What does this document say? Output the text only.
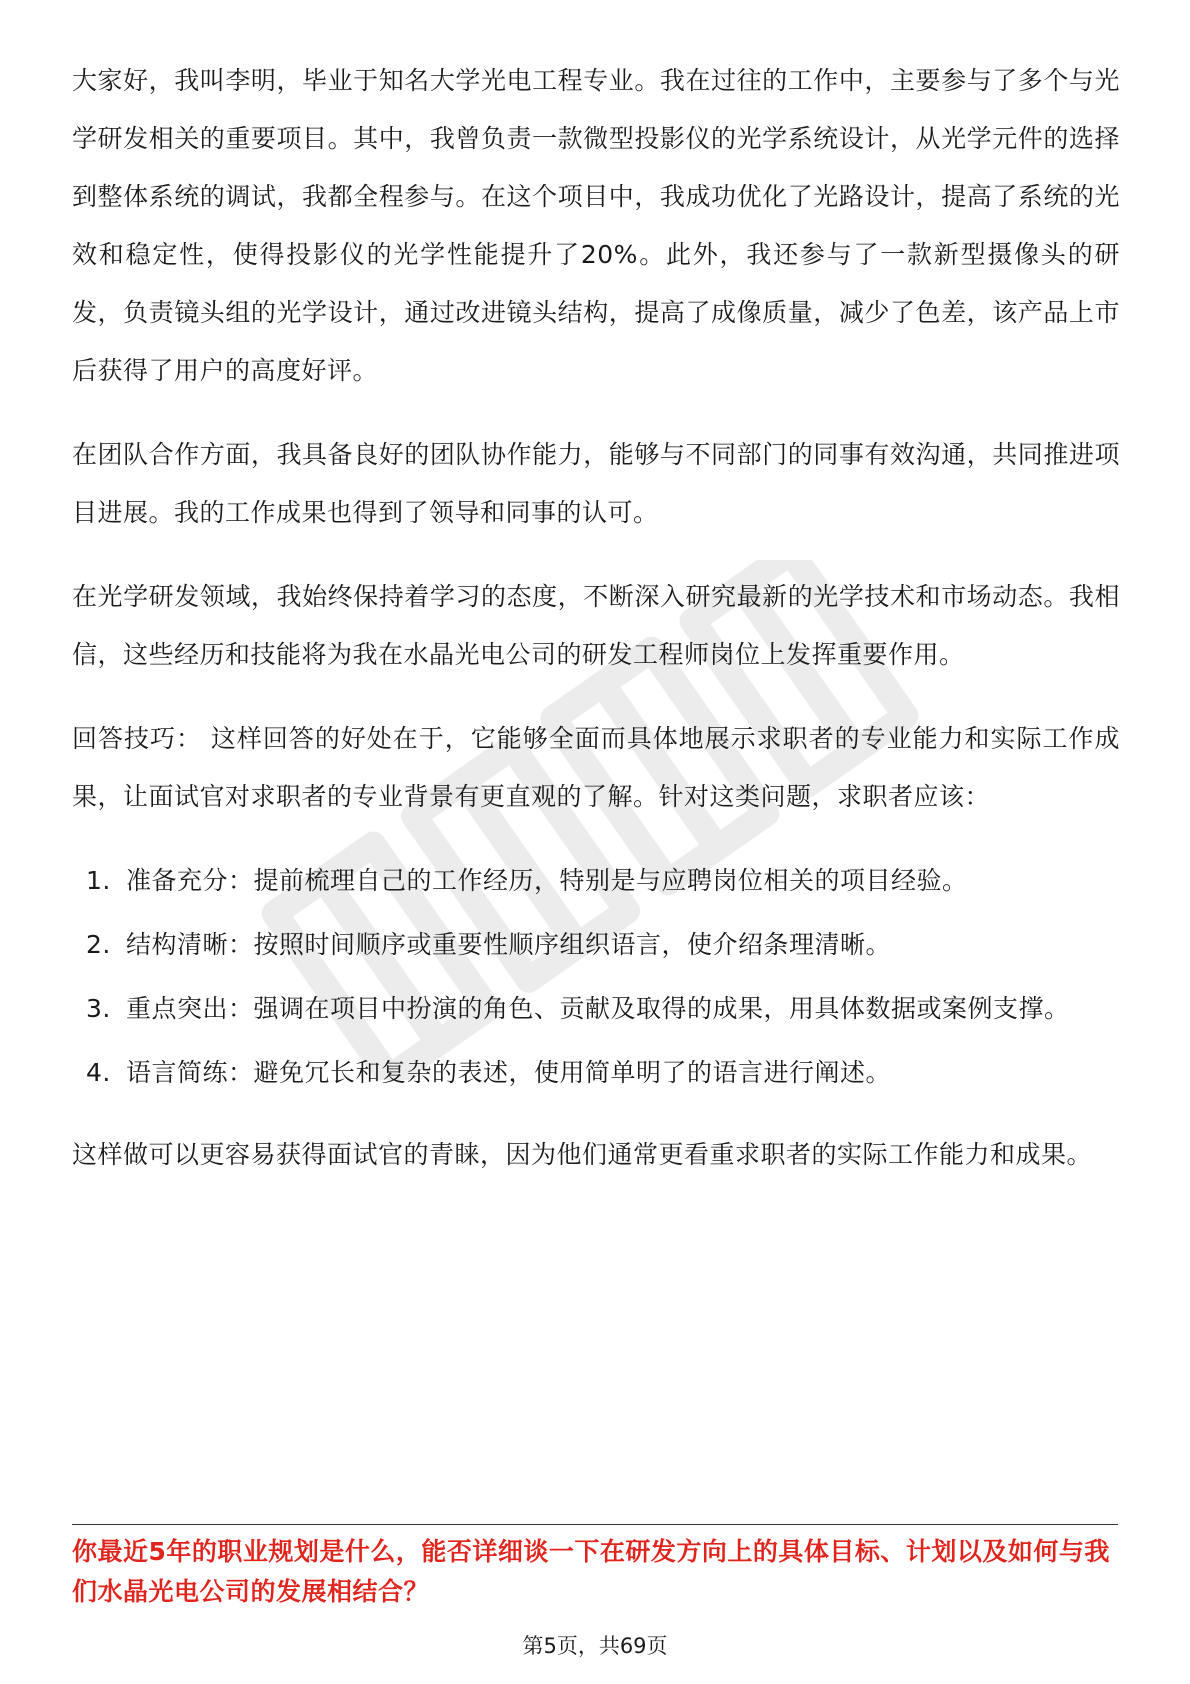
大家好，我叫李明，毕业于知名大学光电工程专业。我在过往的工作中，主要参与了多个与光学研发相关的重要项目。其中，我曾负责一款微型投影仪的光学系统设计，从光学元件的选择到整体系统的调试，我都全程参与。在这个项目中，我成功优化了光路设计，提高了系统的光效和稳定性，使得投影仪的光学性能提升了20%。此外，我还参与了一款新型摄像头的研发，负责镜头组的光学设计，通过改进镜头结构，提高了成像质量，减少了色差，该产品上市后获得了用户的高度好评。

在团队合作方面，我具备良好的团队协作能力，能够与不同部门的同事有效沟通，共同推进项目进展。我的工作成果也得到了领导和同事的认可。

在光学研发领域，我始终保持着学习的态度，不断深入研究最新的光学技术和市场动态。我相信，这些经历和技能将为我在水晶光电公司的研发工程师岗位上发挥重要作用。

回答技巧： 这样回答的好处在于，它能够全面而具体地展示求职者的专业能力和实际工作成果，让面试官对求职者的专业背景有更直观的了解。针对这类问题，求职者应该：

1. 准备充分：提前梳理自己的工作经历，特别是与应聘岗位相关的项目经验。
2. 结构清晰：按照时间顺序或重要性顺序组织语言，使介绍条理清晰。
3. 重点突出：强调在项目中扮演的角色、贡献及取得的成果，用具体数据或案例支撑。
4. 语言简练：避免冗长和复杂的表述，使用简单明了的语言进行阐述。

这样做可以更容易获得面试官的青睐，因为他们通常更看重求职者的实际工作能力和成果。

你最近5年的职业规划是什么，能否详细谈一下在研发方向上的具体目标、计划以及如何与我们水晶光电公司的发展相结合？
第5页，共69页
